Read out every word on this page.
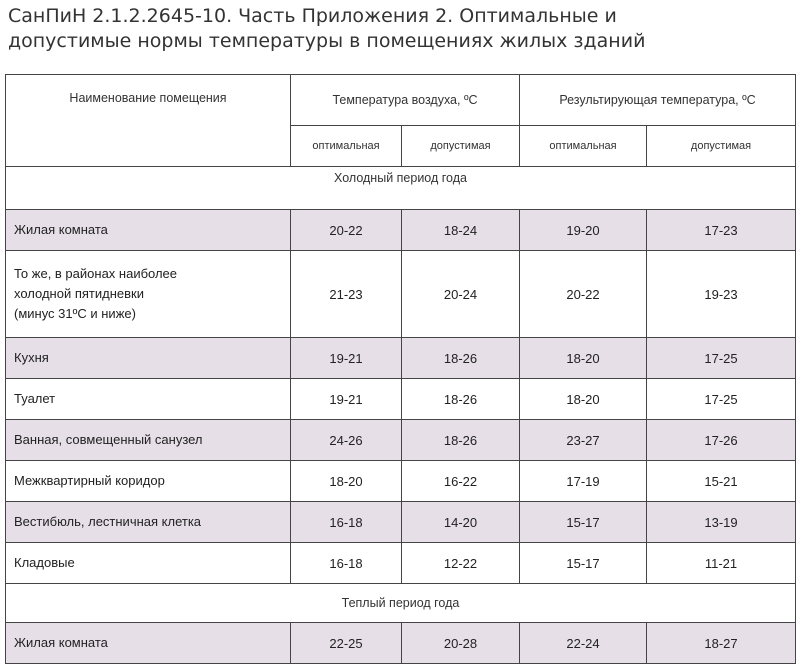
СанПиН 2.1.2.2645-10. Часть Приложения 2. Оптимальные и
допустимые нормы температуры в помещениях жилых зданий
Наименование помещения	Температура воздуха, ºС		Результирующая температура, ºС	
	оптимальная	допустимая	оптимальная	допустимая
Холодный период года				

Жилая комната	20-22	18-24	19-20	17-23

То же, в районах наиболее
холодной пятидневки
(минус 31ºС и ниже)	21-23	20-24	20-22	19-23

Кухня	19-21	18-26	18-20	17-25

Туалет	19-21	18-26	18-20	17-25

Ванная, совмещенный санузел	24-26	18-26	23-27	17-26

Межквартирный коридор	18-20	16-22	17-19	15-21

Вестибюль, лестничная клетка	16-18	14-20	15-17	13-19

Кладовые	16-18	12-22	15-17	11-21
Теплый период года				

Жилая комната	22-25	20-28	22-24	18-27
